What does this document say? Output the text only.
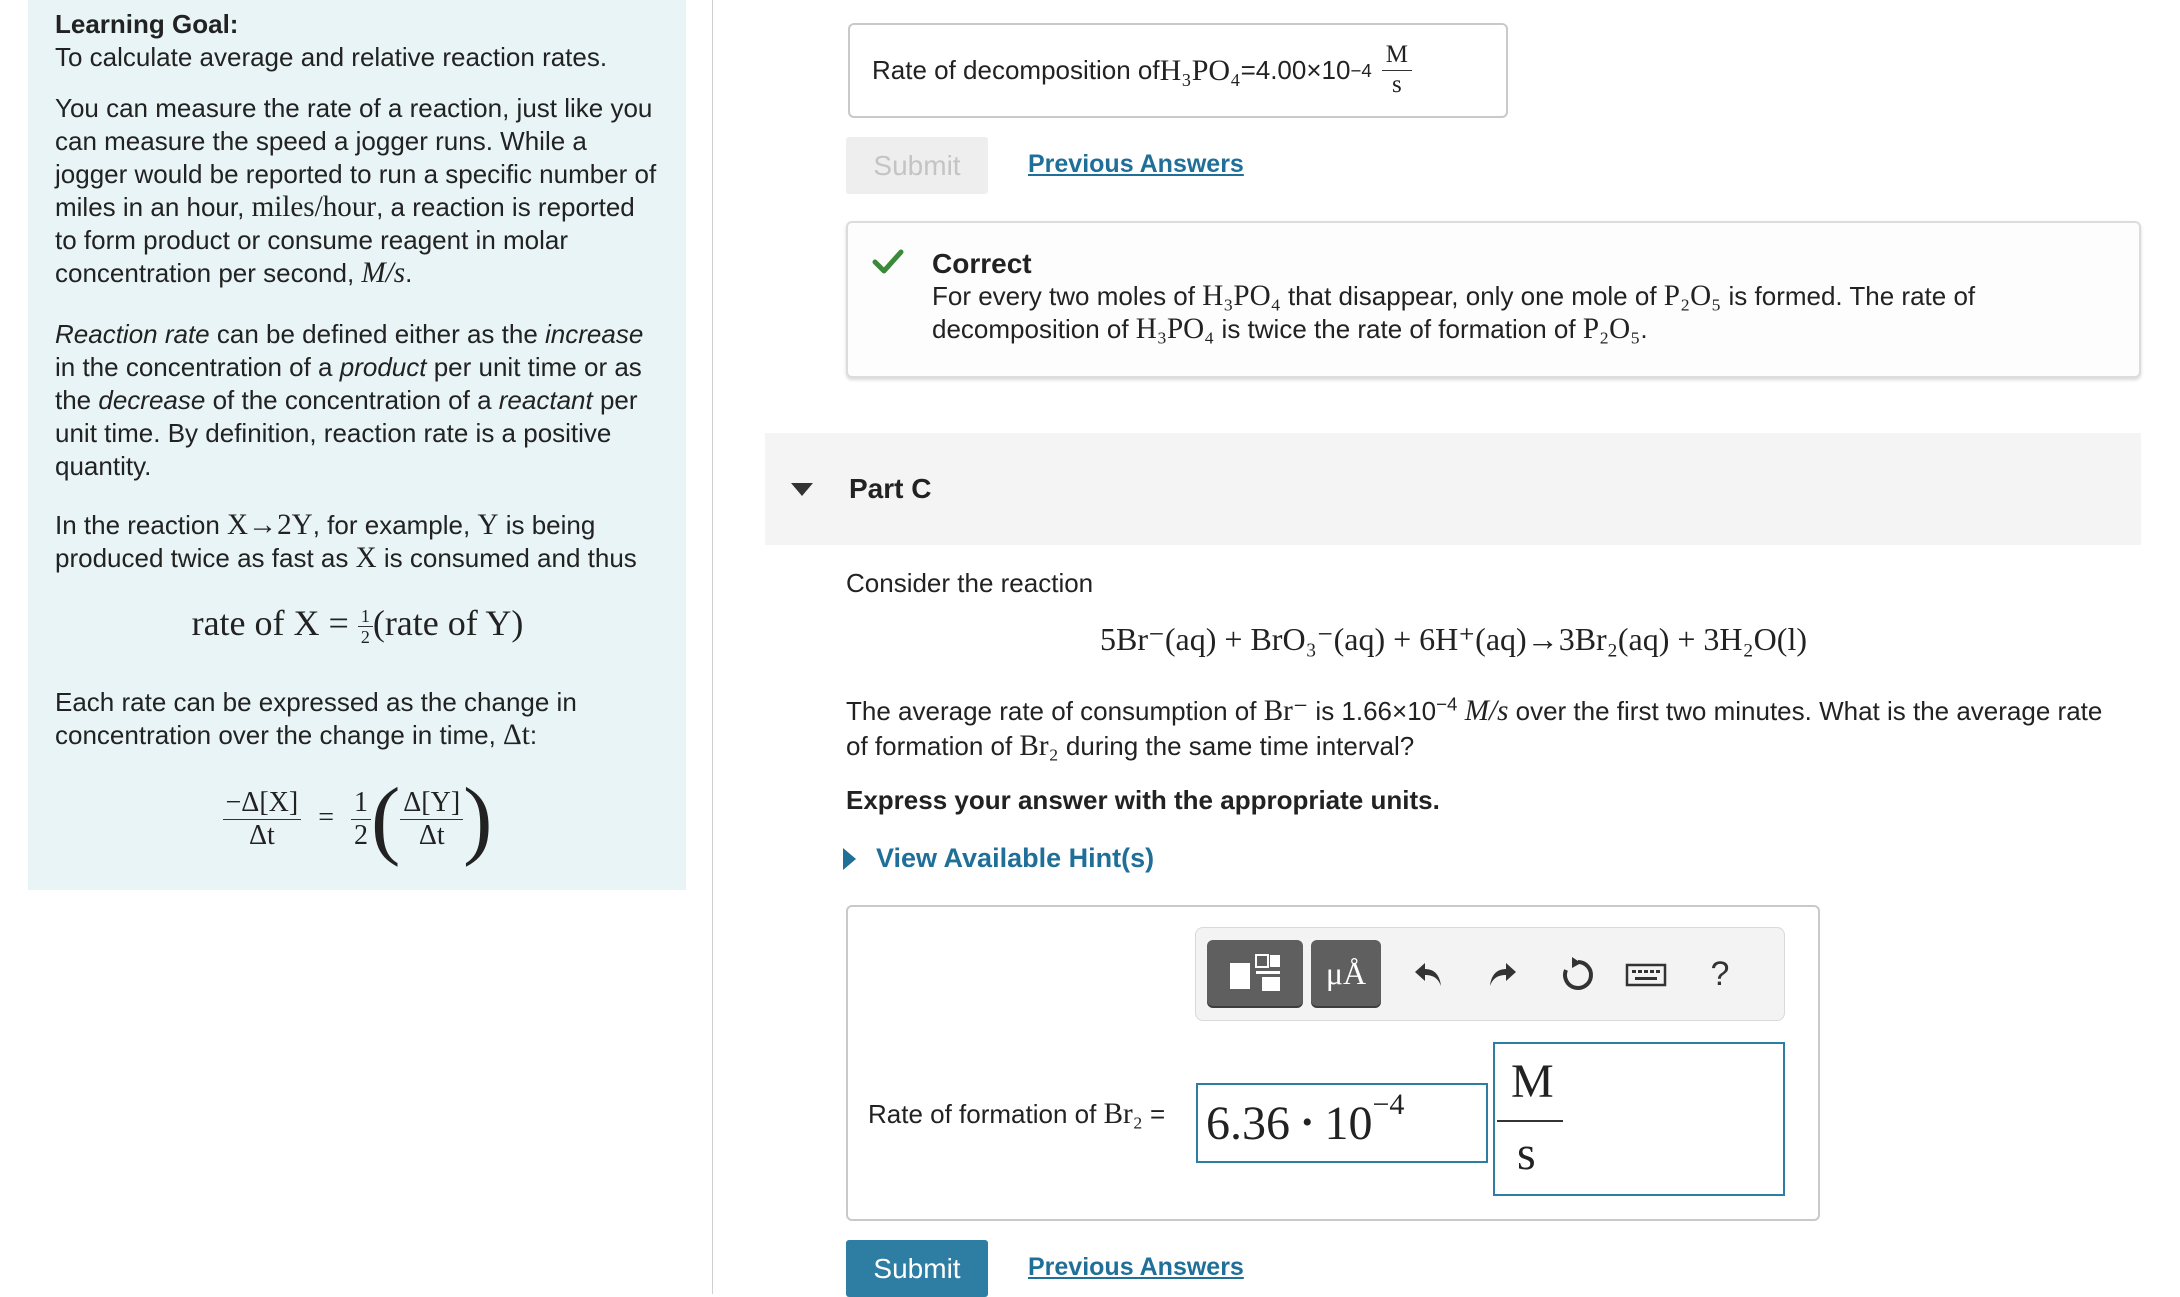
Learning Goal:

To calculate average and relative reaction rates.

You can measure the rate of a reaction, just like you can measure the speed a jogger runs. While a jogger would be reported to run a specific number of miles in an hour, miles/hour, a reaction is reported to form product or consume reagent in molar concentration per second, M/s.

Reaction rate can be defined either as the increase in the concentration of a product per unit time or as the decrease of the concentration of a reactant per unit time. By definition, reaction rate is a positive quantity.

In the reaction X→2Y, for example, Y is being produced twice as fast as X is consumed and thus

rate of $X = \frac{1}{2}$ (rate of Y)

Each rate can be expressed as the change in concentration over the change in time, Δt:

$\frac{-\Delta[X]}{\Delta t} = \frac{1}{2}$ ( $\frac{\Delta[Y]}{\Delta t}$ )
Rate of decomposition of $H_3PO_4 = 4.00\times 10 -4 \frac{M}{s}$
Submit	Previous Answers
Correct
For every two moles of H₃PO₄ that disappear, only one mole of P₂O₅ is formed. The rate of decomposition of H₃PO₄ is twice the rate of formation of P₂O₅.
Part C
Consider the reaction
5Br⁻(aq) + BrO₃⁻(aq) + 6H⁺(aq)→3Br₂(aq) + 3H₂O(l)
The average rate of consumption of Br⁻ is $1.66\times 10^{-4}$ M/s over the first two minutes. What is the average rate of formation of Br₂ during the same time interval?
Express your answer with the appropriate units.
View Available Hint(s)
μÅ	?
Rate of formation of Br₂ = 6.36 • 10 −4 M
s
Submit	Previous Answers
